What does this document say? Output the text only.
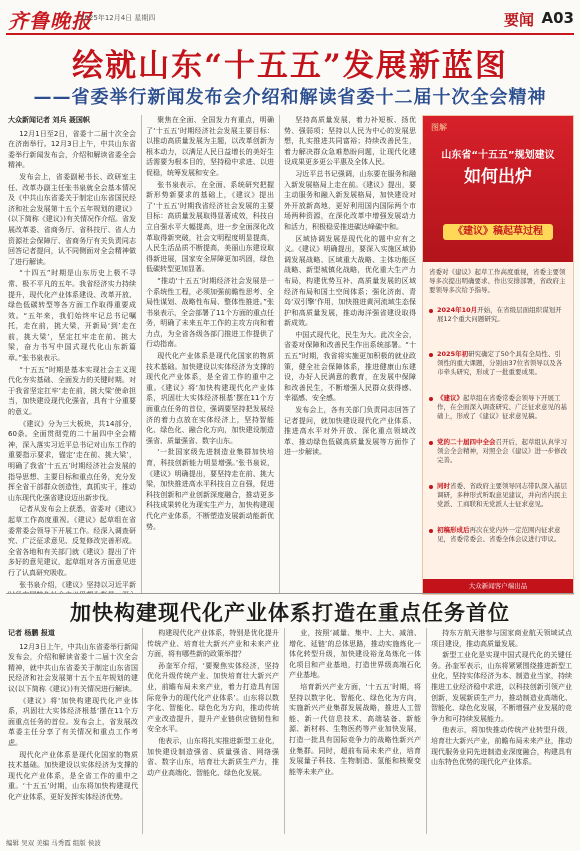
齐鲁晚报
2025年12月4日 星期四	要闻 A03
绘就山东“十五五”发展新蓝图
——省委举行新闻发布会介绍和解读省委十二届十次全会精神
大众新闻记者 刘兵 聂国帜

12月1日至2日，省委十二届十次全会在济南举行。12月3日上午，中共山东省委举行新闻发布会，介绍和解读省委全会精神。

发布会上，省委副秘书长、政研室主任、改革办副主任张书泉就全会基本情况及《中共山东省委关于制定山东省国民经济和社会发展第十五个五年规划的建议》(以下简称《建议》)有关情况作介绍。省发展改革委、省商务厅、省科技厅、省人力资源社会保障厅、省商务厅有关负责同志回答记者提问，认不同侧面对全会精神做了进行解读。

“十四五”时期是山东历史上极不寻常、极不平凡的五年。我省经济实力持续提升，现代化产业体系建设、改革开放、绿色低碳转型等各方面工作取得重要成效。“五年来，我们始终牢记总书记嘱托，走在前，挑大梁，开新局‘到’走在前，挑大梁’，坚定扛牢走在前、挑大梁，奋力书写中国式现代化山东新篇章。”张书泉表示。

“十五五”时期是基本实现社会主义现代化夯实基础、全面发力的关键时期。对于我省坚定扛牢‘走在前，挑大梁’使命担当，加快建设现代化强省，具有十分重要的意义。

《建议》分为三大板块，共14部分，60条。全面贯彻党的二十届四中全会精神，深入落实习近平总书记对山东工作的重要指示要求，锚定‘走在前、挑大梁’，明确了我省‘十五五’时期经济社会发展的指导思想、主要目标和重点任务，充分发挥全省干部群众创造性，真抓实干，推动山东现代化强省建设迈出新步伐。

记者从发布会上获悉，省委对《建议》起草工作高度重视。《建议》起草组在省委常委会领导下开展工作。经深入调查研究、广泛征求意见、反复修改完善形成。全省各地和有关部门就《建议》提出了许多好的意见建议，起草组对各方面意见进行了认真研究吸收。

张书泉介绍，《建议》坚持以习近平新

聚焦在全面、全国发力有重点，明确了‘十五五’时期经济社会发展主要目标：以推动高质量发展为主题，以改革创新为根本动力，以满足人民日益增长的美好生活需要为根本目的，坚持稳中求进、以进促稳，统筹发展和安全。

张书泉表示，在全面、系统研究把握新形势新要求的基础上，《建议》提出了‘十五五’时期我省经济社会发展的主要目标：高质量发展取得显著成效，科技自立自强水平大幅提高，进一步全面深化改革取得新突破，社会文明程度明显提高，人民生活品质不断提高，美丽山东建设取得新进展，国家安全屏障更加巩固，绿色低碳转型更加显著。

“推动‘十五五’时期经济社会发展是一个系统性工程，必须加强前瞻性思考、全局性谋划、战略性布局、整体性推进。”张书泉表示，全会部署了11个方面的重点任务，明确了未来五年工作的主攻方向和着力点，为全省各级各部门推进工作提供了行动指南。

现代化产业体系是现代化国家的物质技术基础。加快建设以实体经济为支撑的现代化产业体系，是全省工作的重中之重。《建议》将‘加快构建现代化产业体系，巩固壮大实体经济根基’摆在11个方面重点任务的首位，强调要坚持把发展经济的着力点放在实体经济上，坚持智能化、绿色化、融合化方向，加快建设制造强省、质量强省、数字山东。

‘一批国家级先进制造业集群加快培育，科技创新能力明显增强。’张书泉说，《建议》明确提出，要坚持走在前、挑大梁，加快推进高水平科技自立自强，促进科技创新和产业创新深度融合，推动更多科技成果转化为现实生产力，加快构建现代化产业体系，不断塑造发展新动能新优势。

坚持高质量发展，着力补短板、扬优势、强弱项；坚持以人民为中心的发展思想，扎实推进共同富裕；持续改善民生，着力解决群众急难愁盼问题，让现代化建设成果更多更公平惠及全体人民。

习近平总书记强调，山东要在服务和融入新发展格局上走在前。《建议》提出，要主动服务和融入新发展格局，加快建设对外开放新高地，更好利用国内国际两个市场两种资源，在深化改革中增强发展动力和活力，积极稳妥推进碳达峰碳中和。

区域协调发展是现代化的题中应有之义。《建议》明确提出，要深入实施区域协调发展战略、区域重大战略、主体功能区战略、新型城镇化战略，优化重大生产力布局，构建优势互补、高质量发展的区域经济布局和国土空间体系；强化济南、青岛‘双引擎’作用，加快推进黄河流域生态保护和高质量发展，推动海洋强省建设取得新成效。

中国式现代化，民生为大。此次全会，省委对保障和改善民生作出系统部署。“十五五”时期，我省将实施更加积极的就业政策，健全社会保障体系，推进健康山东建设，办好人民满意的教育，在发展中保障和改善民生，不断增强人民群众获得感、幸福感、安全感。

发布会上，各有关部门负责同志回答了记者提问，就加快建设现代化产业体系、推进高水平对外开放、深化重点领域改革、推动绿色低碳高质量发展等方面作了进一步解读。

图解
山东省“十五五”规划建议
如何出炉
《建议》稿起草过程
省委对《建议》起草工作高度重视，省委主要领导多次提出明确要求、作出安排部署，省政府主要领导多次给予指导。
2024年10月开始，在省级层面组织谋划开展12个重大问题研究。
2025年初研究确定了50个具有全局性、引领性的重大课题，分别由37位省领导以及各市牵头研究，形成了一批重要成果。
《建议》起草组在省委常委会领导下开展工作，在全面深入调查研究、广泛征求意见的基础上，形成了《建议》征求意见稿。
党的二十届四中全会召开后，起草组认真学习领会全会精神，对照全会《建议》进一步修改完善。
同时省委、省政府主要领导同志带队深入基层调研，多种形式听取意见建议，并向省内民主党派、工商联和无党派人士征求意见。
初稿形成后再次在党内外一定范围内征求意见，省委常委会、省委全体会议进行审议。
大众新闻客户端出品
加快构建现代化产业体系打造在重点任务首位
记者 杨鹏 报道

12月3日上午，中共山东省委举行新闻发布会，介绍和解读省委十二届十次全会精神，就中共山东省委关于制定山东省国民经济和社会发展第十五个五年规划的建议(以下简称《建议》)有关情况进行解读。

《建议》将‘加快构建现代化产业体系，巩固壮大实体经济根基’摆在11个方面重点任务的首位。发布会上，省发展改革委主任分享了有关情况和重点工作考虑。

现代化产业体系是现代化国家的物质技术基础。加快建设以实体经济为支撑的现代化产业体系，是全省工作的重中之重。‘十五五’时期，山东将加快构建现代化产业体系，更好发挥实体经济优势。

构建现代化产业体系，特别是优化提升传统产业、培育壮大新兴产业和未来产业方面，将有哪些新的政策举措？

孙奎军介绍，‘要聚焦实体经济，坚持优化升级传统产业、加快培育壮大新兴产业，前瞻布局未来产业，着力打造具有国际竞争力的现代化产业体系’。山东将以数字化、智能化、绿色化为方向，推动传统产业改造提升，提升产业链供应链韧性和安全水平。

他表示，山东将扎实推进新型工业化，加快建设制造强省、质量强省、网络强省、数字山东，培育壮大新质生产力，推动产业高端化、智能化、绿色化发展。

业，按照‘减量、集中、上大、减油、增化、延链’的总体思路，推动实施炼化一体化转型升级，加快建设裕龙岛炼化一体化项目和产业基地，打造世界级高端石化产业基地。

培育新兴产业方面，‘十五五’时期，将坚持以数字化、智能化、绿色化为方向，实施新兴产业集群发展战略，推进人工智能、新一代信息技术、高端装备、新能源、新材料、生物医药等产业加快发展，打造一批具有国际竞争力的战略性新兴产业集群。同时，超前布局未来产业，培育发展量子科技、生物制造、氢能和核聚变能等未来产业。

持东方航天港参与国家商业航天领域试点项目建设，推动高质量发展。

新型工业化是实现中国式现代化的关键任务。孙奎军表示，山东将紧紧围绕推进新型工业化，坚持实体经济为本、制造业当家，持续推进工业经济稳中求进，以科技创新引领产业创新，发展新质生产力，推动制造业高端化、智能化、绿色化发展，不断增强产业发展的竞争力和可持续发展能力。

他表示，将加快推动传统产业转型升级，培育壮大新兴产业，前瞻布局未来产业，推动现代服务业同先进制造业深度融合，构建具有山东特色优势的现代化产业体系。

编辑 吴双 美编 马秀霞 组版 侯波
